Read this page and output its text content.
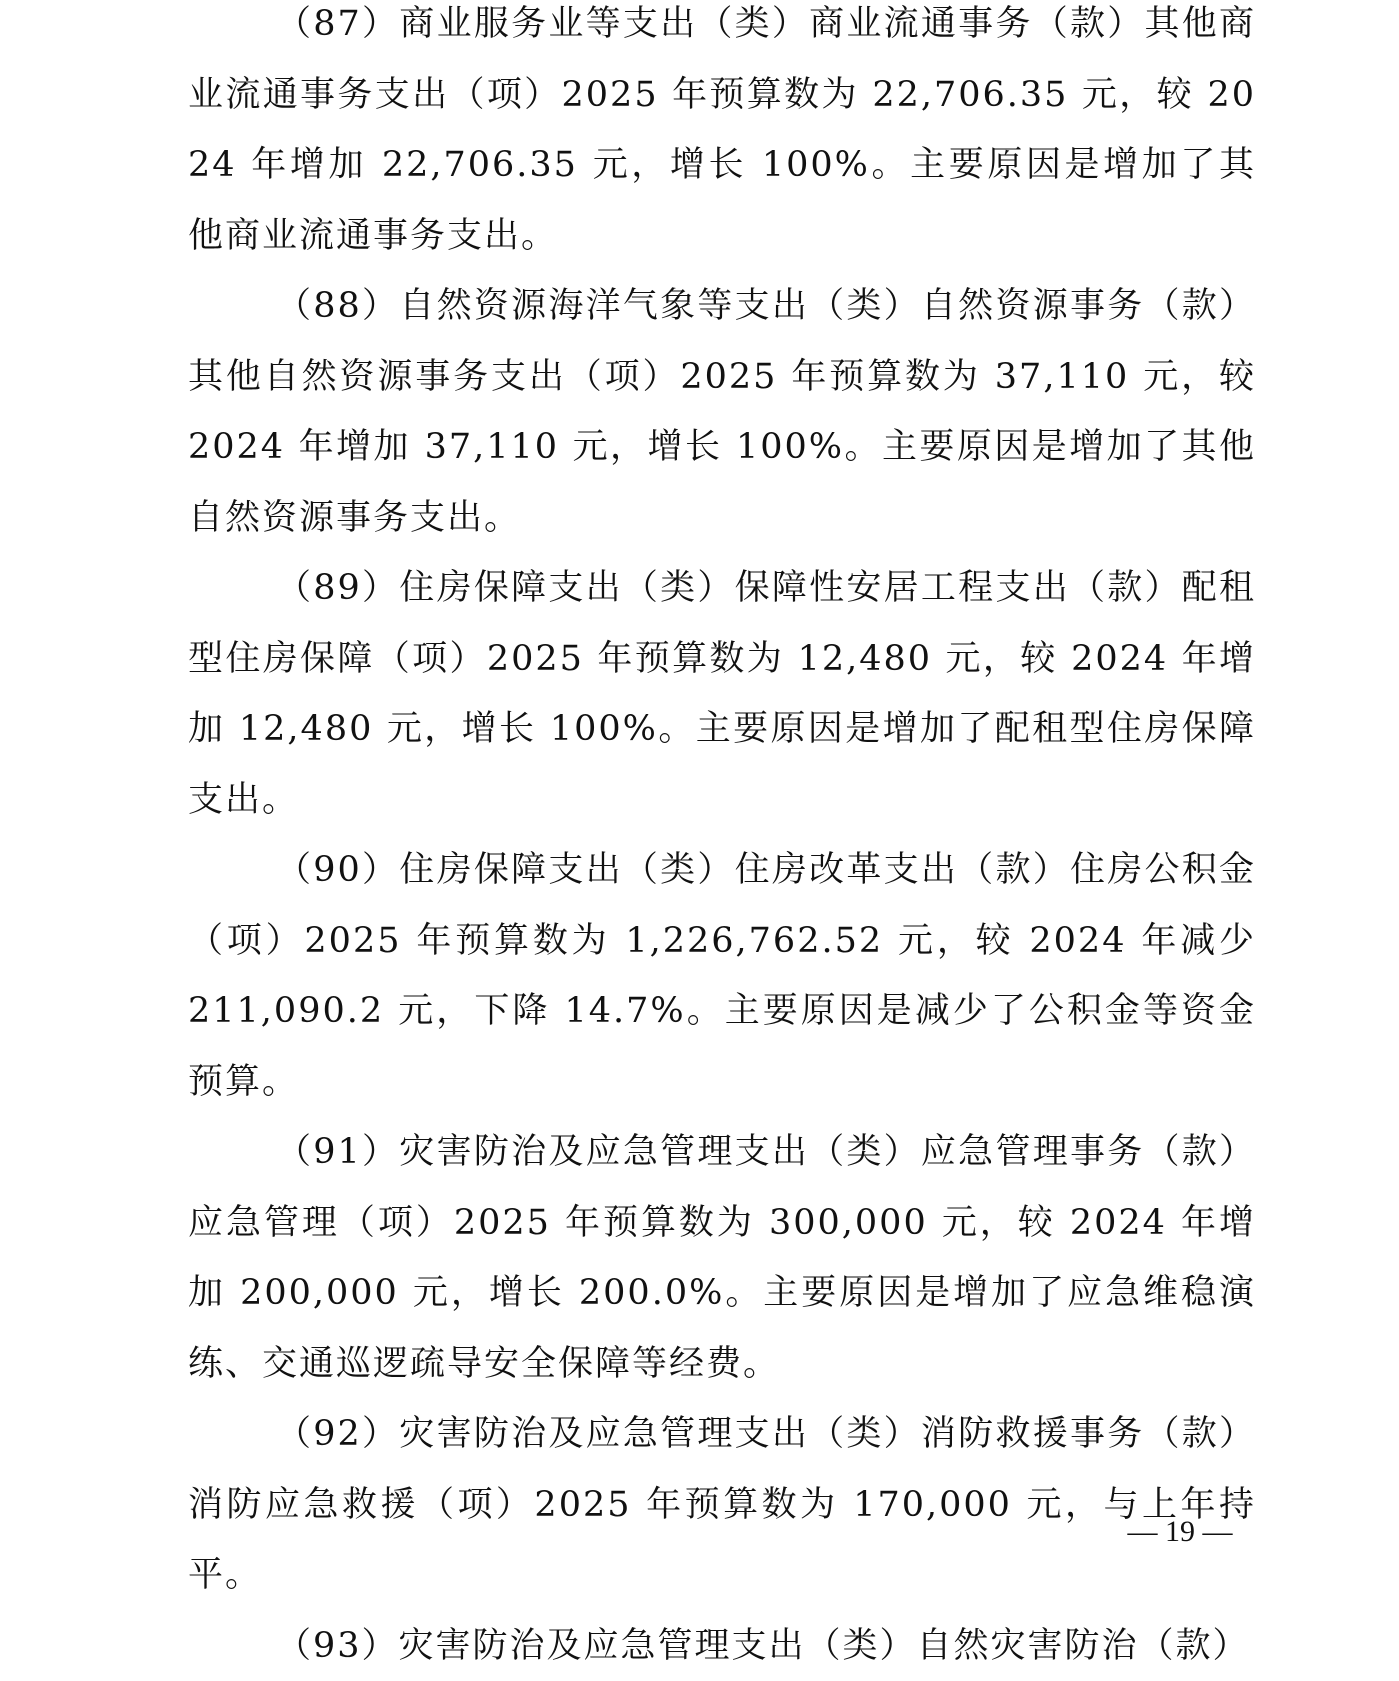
（87）商业服务业等支出（类）商业流通事务（款）其他商业流通事务支出（项）2025 年预算数为 22,706.35 元，较 2024 年增加 22,706.35 元，增长 100%。主要原因是增加了其他商业流通事务支出。

（88）自然资源海洋气象等支出（类）自然资源事务（款）其他自然资源事务支出（项）2025 年预算数为 37,110 元，较 2024 年增加 37,110 元，增长 100%。主要原因是增加了其他自然资源事务支出。

（89）住房保障支出（类）保障性安居工程支出（款）配租型住房保障（项）2025 年预算数为 12,480 元，较 2024 年增加 12,480 元，增长 100%。主要原因是增加了配租型住房保障支出。

（90）住房保障支出（类）住房改革支出（款）住房公积金（项）2025 年预算数为 1,226,762.52 元，较 2024 年减少 211,090.2 元，下降 14.7%。主要原因是减少了公积金等资金预算。

（91）灾害防治及应急管理支出（类）应急管理事务（款）应急管理（项）2025 年预算数为 300,000 元，较 2024 年增加 200,000 元，增长 200.0%。主要原因是增加了应急维稳演练、交通巡逻疏导安全保障等经费。

（92）灾害防治及应急管理支出（类）消防救援事务（款）消防应急救援（项）2025 年预算数为 170,000 元，与上年持平。

（93）灾害防治及应急管理支出（类）自然灾害防治（款）

— 19 —
